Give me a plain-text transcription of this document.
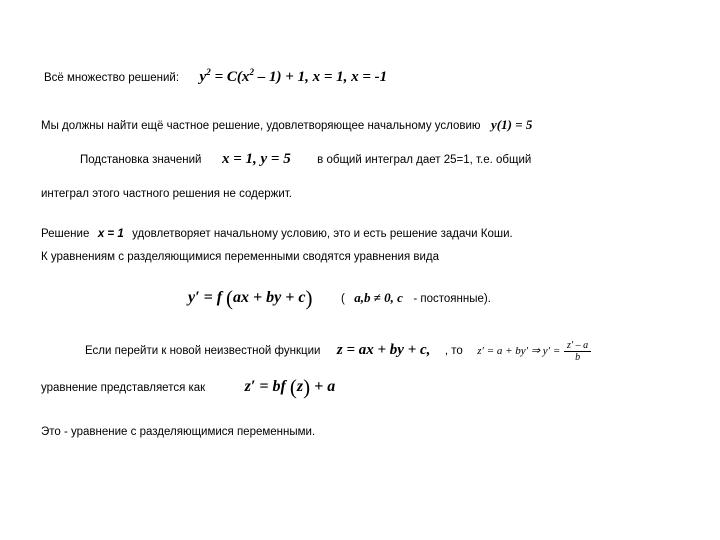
Всё множество решений: $y^2 = C(x^2 - 1) + 1$, x = 1, x = -1
Мы должны найти ещё частное решение, удовлетворяющее начальному условию y(1) = 5
Подстановка значений x = 1, y = 5 в общий интеграл дает 25=1, т.е. общий
интеграл этого частного решения не содержит.
Решение x = 1 удовлетворяет начальному условию, это и есть решение задачи Коши.
К уравнениям с разделяющимися переменными сводятся уравнения вида
y′ = f (ax + by + c) ( a,b ≠ 0, c - постоянные).
Если перейти к новой неизвестной функции z = ax + by + c, , то z′ = a + by′ ⇒ $y' = \frac{z' - a}{b}$
уравнение представляется как z′ = bf (z) + a
Это - уравнение с разделяющимися переменными.
